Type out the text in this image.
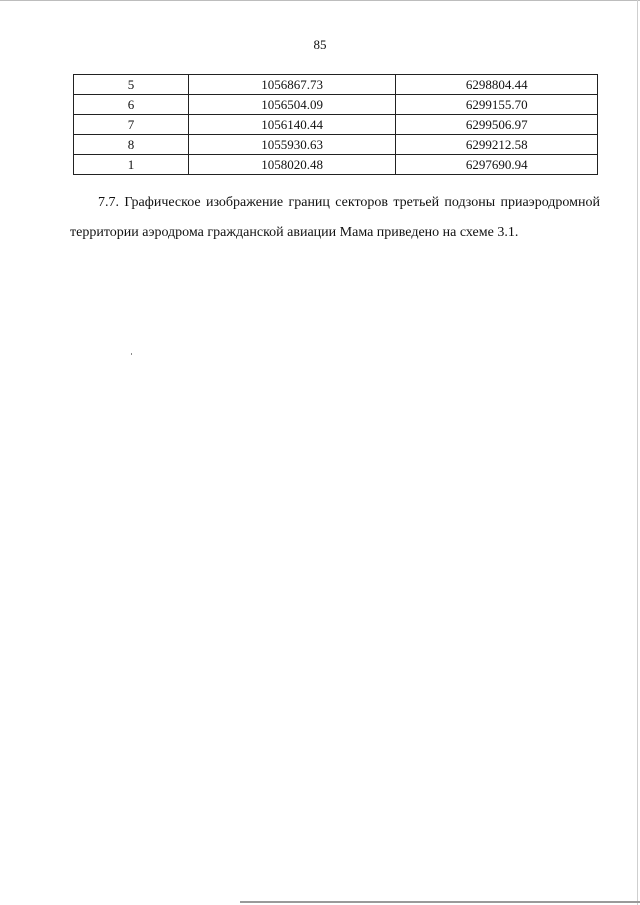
85
5	1056867.73	6298804.44
6	1056504.09	6299155.70
7	1056140.44	6299506.97
8	1055930.63	6299212.58
1	1058020.48	6297690.94
7.7. Графическое изображение границ секторов третьей подзоны приаэродромной
территории аэродрома гражданской авиации Мама приведено на схеме 3.1.
